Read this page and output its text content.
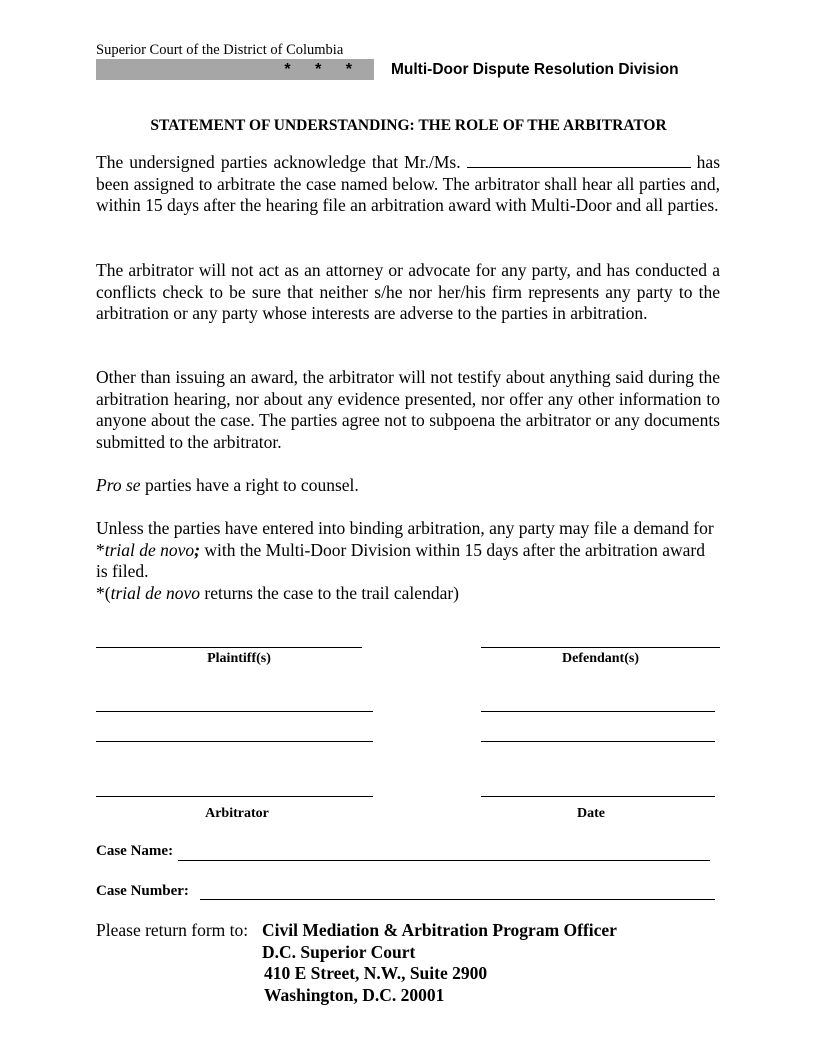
Superior Court of the District of Columbia
* * * Multi-Door Dispute Resolution Division
STATEMENT OF UNDERSTANDING: THE ROLE OF THE ARBITRATOR
The undersigned parties acknowledge that Mr./Ms.	has been assigned to arbitrate the case named below. The arbitrator shall hear all parties and, within 15 days after the hearing file an arbitration award with Multi-Door and all parties.
The arbitrator will not act as an attorney or advocate for any party, and has conducted a conflicts check to be sure that neither s/he nor her/his firm represents any party to the arbitration or any party whose interests are adverse to the parties in arbitration.
Other than issuing an award, the arbitrator will not testify about anything said during the arbitration hearing, nor about any evidence presented, nor offer any other information to anyone about the case. The parties agree not to subpoena the arbitrator or any documents submitted to the arbitrator.
Pro se parties have a right to counsel.
Unless the parties have entered into binding arbitration, any party may file a demand for *trial de novo; with the Multi-Door Division within 15 days after the arbitration award is filed.
*(trial de novo returns the case to the trail calendar)
Plaintiff(s)	Defendant(s)
Arbitrator	Date
Case Name:
Case Number:
Please return form to: Civil Mediation & Arbitration Program Officer
D.C. Superior Court
410 E Street, N.W., Suite 2900
Washington, D.C. 20001
